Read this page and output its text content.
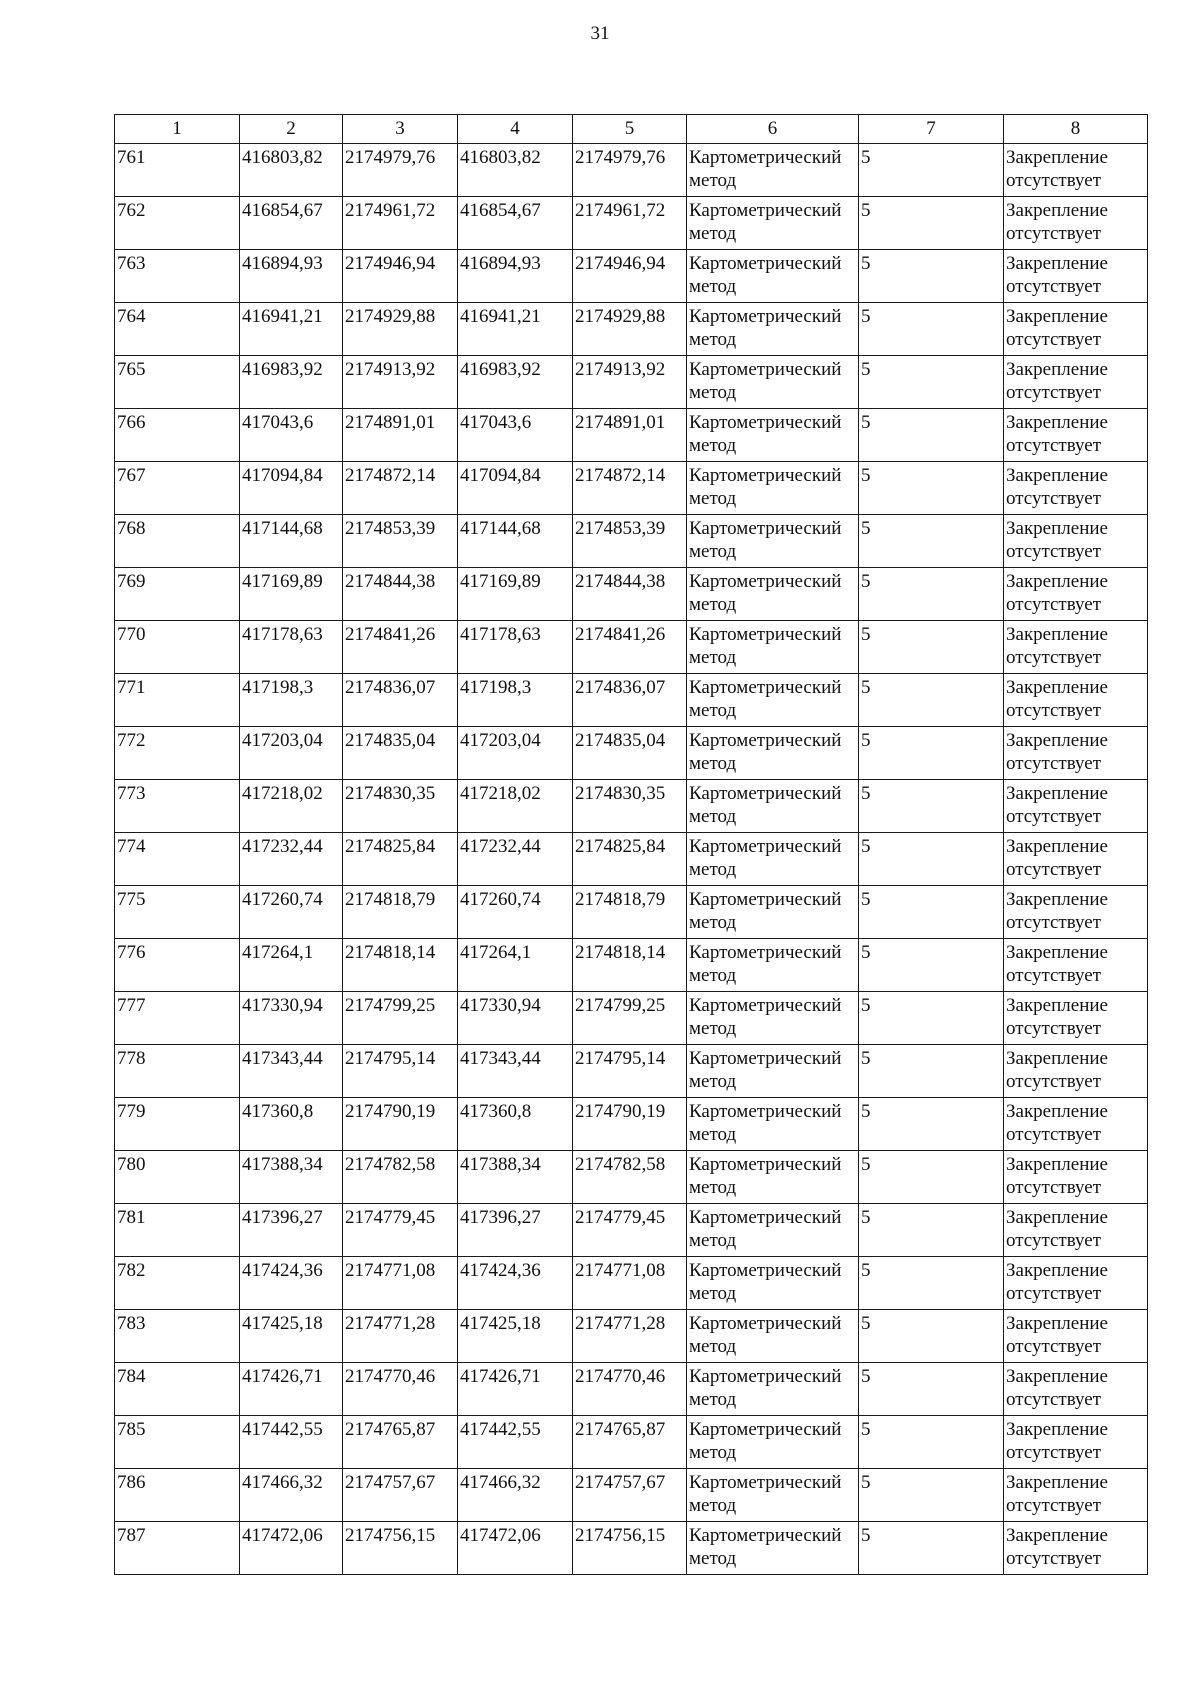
31
1	2	3	4	5	6	7	8
761	416803,82	2174979,76	416803,82	2174979,76	Картометрический метод	5	Закрепление отсутствует
762	416854,67	2174961,72	416854,67	2174961,72	Картометрический метод	5	Закрепление отсутствует
763	416894,93	2174946,94	416894,93	2174946,94	Картометрический метод	5	Закрепление отсутствует
764	416941,21	2174929,88	416941,21	2174929,88	Картометрический метод	5	Закрепление отсутствует
765	416983,92	2174913,92	416983,92	2174913,92	Картометрический метод	5	Закрепление отсутствует
766	417043,6	2174891,01	417043,6	2174891,01	Картометрический метод	5	Закрепление отсутствует
767	417094,84	2174872,14	417094,84	2174872,14	Картометрический метод	5	Закрепление отсутствует
768	417144,68	2174853,39	417144,68	2174853,39	Картометрический метод	5	Закрепление отсутствует
769	417169,89	2174844,38	417169,89	2174844,38	Картометрический метод	5	Закрепление отсутствует
770	417178,63	2174841,26	417178,63	2174841,26	Картометрический метод	5	Закрепление отсутствует
771	417198,3	2174836,07	417198,3	2174836,07	Картометрический метод	5	Закрепление отсутствует
772	417203,04	2174835,04	417203,04	2174835,04	Картометрический метод	5	Закрепление отсутствует
773	417218,02	2174830,35	417218,02	2174830,35	Картометрический метод	5	Закрепление отсутствует
774	417232,44	2174825,84	417232,44	2174825,84	Картометрический метод	5	Закрепление отсутствует
775	417260,74	2174818,79	417260,74	2174818,79	Картометрический метод	5	Закрепление отсутствует
776	417264,1	2174818,14	417264,1	2174818,14	Картометрический метод	5	Закрепление отсутствует
777	417330,94	2174799,25	417330,94	2174799,25	Картометрический метод	5	Закрепление отсутствует
778	417343,44	2174795,14	417343,44	2174795,14	Картометрический метод	5	Закрепление отсутствует
779	417360,8	2174790,19	417360,8	2174790,19	Картометрический метод	5	Закрепление отсутствует
780	417388,34	2174782,58	417388,34	2174782,58	Картометрический метод	5	Закрепление отсутствует
781	417396,27	2174779,45	417396,27	2174779,45	Картометрический метод	5	Закрепление отсутствует
782	417424,36	2174771,08	417424,36	2174771,08	Картометрический метод	5	Закрепление отсутствует
783	417425,18	2174771,28	417425,18	2174771,28	Картометрический метод	5	Закрепление отсутствует
784	417426,71	2174770,46	417426,71	2174770,46	Картометрический метод	5	Закрепление отсутствует
785	417442,55	2174765,87	417442,55	2174765,87	Картометрический метод	5	Закрепление отсутствует
786	417466,32	2174757,67	417466,32	2174757,67	Картометрический метод	5	Закрепление отсутствует
787	417472,06	2174756,15	417472,06	2174756,15	Картометрический метод	5	Закрепление отсутствует
